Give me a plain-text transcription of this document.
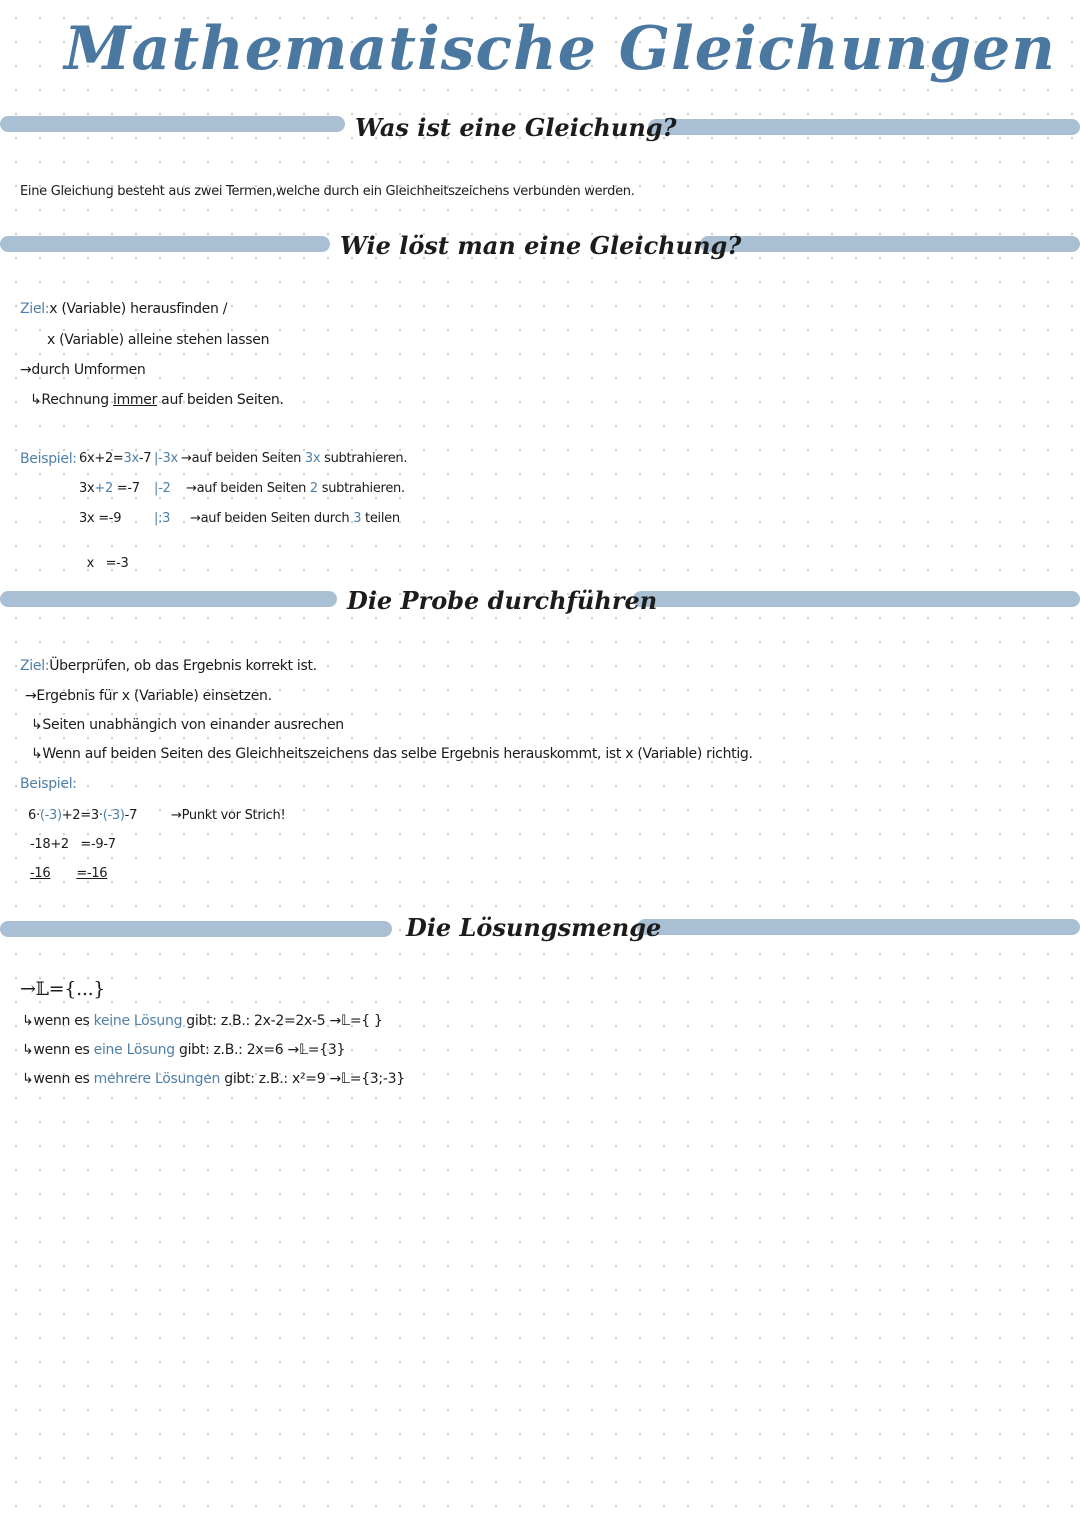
Mathematische Gleichungen
Was ist eine Gleichung?
Eine Gleichung besteht aus zwei Termen,welche durch ein Gleichheitszeichens verbunden werden.
Wie löst man eine Gleichung?
Ziel:x (Variable) herausfinden /
x (Variable) alleine stehen lassen
→durch Umformen
↳Rechnung immer auf beiden Seiten.
Beispiel: 6x+2=3x-7 |-3x →auf beiden Seiten 3x subtrahieren.
3x+2 =-7 |-2 →auf beiden Seiten 2 subtrahieren.
3x =-9	|:3 →auf beiden Seiten durch 3 teilen

x   =-3

Die Probe durchführen
Ziel:Überprüfen, ob das Ergebnis korrekt ist.
→Ergebnis für x (Variable) einsetzen.
↳Seiten unabhängich von einander ausrechen
↳Wenn auf beiden Seiten des Gleichheitszeichens das selbe Ergebnis herauskommt, ist x (Variable) richtig.
Beispiel:
6·(-3)+2=3·(-3)-7	→Punkt vor Strich!
-18+2   =-9-7
-16 =-16
Die Lösungsmenge
→𝕃={...}
↳wenn es keine Lösung gibt: z.B.: 2x-2=2x-5 →𝕃={ }
↳wenn es eine Lösung gibt: z.B.: 2x=6 →𝕃={3}
↳wenn es mehrere Lösungen gibt: z.B.: x²=9 →𝕃={3;-3}
